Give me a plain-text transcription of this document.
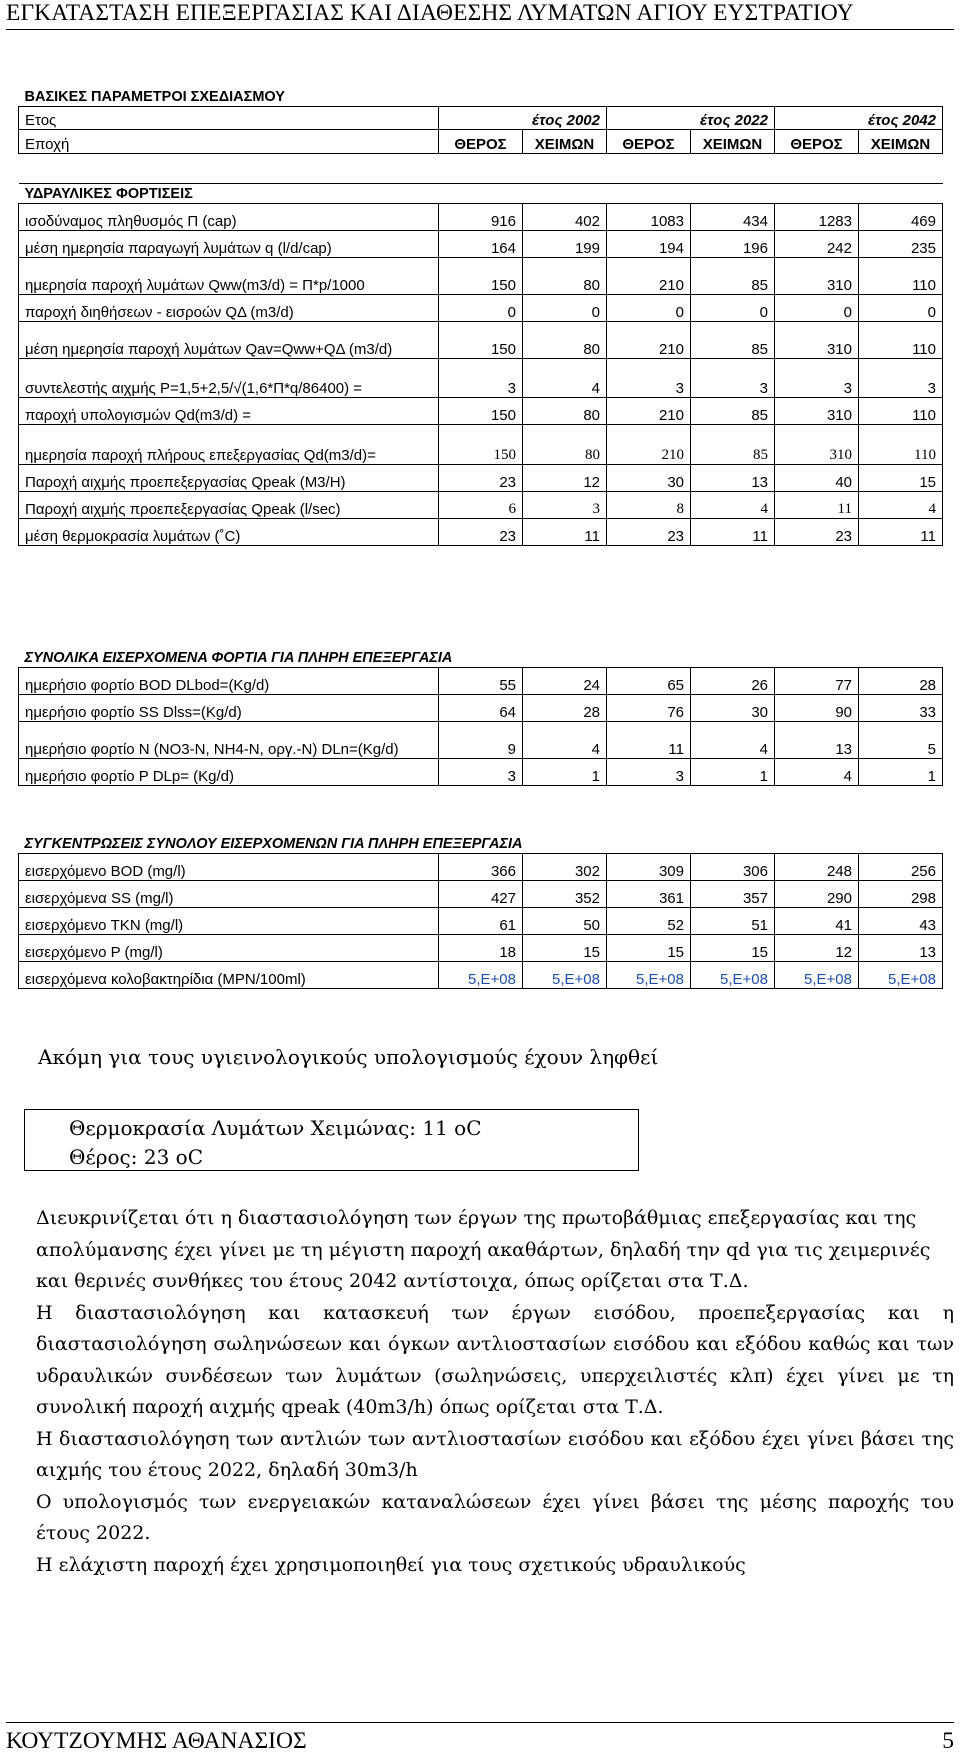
ΕΓΚΑΤΑΣΤΑΣΗ ΕΠΕΞΕΡΓΑΣΙΑΣ ΚΑΙ ΔΙΑΘΕΣΗΣ ΛΥΜΑΤΩΝ ΑΓΙΟΥ ΕΥΣΤΡΑΤΙΟΥ
ΒΑΣΙΚΕΣ ΠΑΡΑΜΕΤΡΟΙ ΣΧΕΔΙΑΣΜΟΥ						
Ετος	έτος 2002		έτος 2022		έτος 2042	
Εποχή	ΘΕΡΟΣ	ΧΕΙΜΩΝ	ΘΕΡΟΣ	ΧΕΙΜΩΝ	ΘΕΡΟΣ	ΧΕΙΜΩΝ

ΥΔΡΑΥΛΙΚΕΣ ΦΟΡΤΙΣΕΙΣ						
ισοδύναμος πληθυσμός Π (cap)	916	402	1083	434	1283	469
μέση ημερησία παραγωγή λυμάτων q (l/d/cap)	164	199	194	196	242	235
ημερησία παροχή λυμάτων Qww(m3/d) = Π*p/1000	150	80	210	85	310	110
παροχή διηθήσεων - εισροών QΔ (m3/d)	0	0	0	0	0	0
μέση ημερησία παροχή λυμάτων Qav=Qww+QΔ (m3/d)	150	80	210	85	310	110
συντελεστής αιχμής P=1,5+2,5/√(1,6*Π*q/86400) =	3	4	3	3	3	3
παροχή υπολογισμών Qd(m3/d) =	150	80	210	85	310	110
ημερησία παροχή πλήρους επεξεργασίας Qd(m3/d)=	150	80	210	85	310	110
Παροχή αιχμής προεπεξεργασίας Qpeak (M3/H)	23	12	30	13	40	15
Παροχή αιχμής προεπεξεργασίας Qpeak (l/sec)	6	3	8	4	11	4
μέση θερμοκρασία λυμάτων (˚C)	23	11	23	11	23	11
ΣΥΝΟΛΙΚΑ ΕΙΣΕΡΧΟΜΕΝΑ ΦΟΡΤΙΑ ΓΙΑ ΠΛΗΡΗ ΕΠΕΞΕΡΓΑΣΙΑ						
ημερήσιο φορτίο BOD DLbod=(Kg/d)	55	24	65	26	77	28
ημερήσιο φορτίο SS Dlss=(Kg/d)	64	28	76	30	90	33
ημερήσιο φορτίο N (NO3-N, NH4-N, οργ.-N) DLn=(Kg/d)	9	4	11	4	13	5
ημερήσιο φορτίο P DLp= (Kg/d)	3	1	3	1	4	1
ΣΥΓΚΕΝΤΡΩΣΕΙΣ ΣΥΝΟΛΟΥ ΕΙΣΕΡΧΟΜΕΝΩΝ ΓΙΑ ΠΛΗΡΗ ΕΠΕΞΕΡΓΑΣΙΑ						
εισερχόμενο BOD (mg/l)	366	302	309	306	248	256
εισερχόμενα SS (mg/l)	427	352	361	357	290	298
εισερχόμενο TKN (mg/l)	61	50	52	51	41	43
εισερχόμενο P (mg/l)	18	15	15	15	12	13
εισερχόμενα κολοβακτηρίδια (MPN/100ml)	5,E+08	5,E+08	5,E+08	5,E+08	5,E+08	5,E+08
Ακόμη για τους υγιεινολογικούς υπολογισμούς έχουν ληφθεί
Θερμοκρασία Λυμάτων Χειμώνας: 11 oC
Θέρος: 23 oC

Διευκρινίζεται ότι η διαστασιολόγηση των έργων της πρωτοβάθμιας επεξεργασίας και της απολύμανσης έχει γίνει με τη μέγιστη παροχή ακαθάρτων, δηλαδή την qd για τις χειμερινές και θερινές συνθήκες του έτους 2042 αντίστοιχα, όπως ορίζεται στα Τ.Δ.

Η διαστασιολόγηση και κατασκευή των έργων εισόδου, προεπεξεργασίας και η διαστασιολόγηση σωληνώσεων και όγκων αντλιοστασίων εισόδου και εξόδου καθώς και των υδραυλικών συνδέσεων των λυμάτων (σωληνώσεις, υπερχειλιστές κλπ) έχει γίνει με τη συνολική παροχή αιχμής qpeak (40m3/h) όπως ορίζεται στα Τ.Δ.

Η διαστασιολόγηση των αντλιών των αντλιοστασίων εισόδου και εξόδου έχει γίνει βάσει της αιχμής του έτους 2022, δηλαδή 30m3/h

Ο υπολογισμός των ενεργειακών καταναλώσεων έχει γίνει βάσει της μέσης παροχής του έτους 2022.

Η ελάχιστη παροχή έχει χρησιμοποιηθεί για τους σχετικούς υδραυλικούς

ΚΟΥΤΖΟΥΜΗΣ ΑΘΑΝΑΣΙΟΣ	5
